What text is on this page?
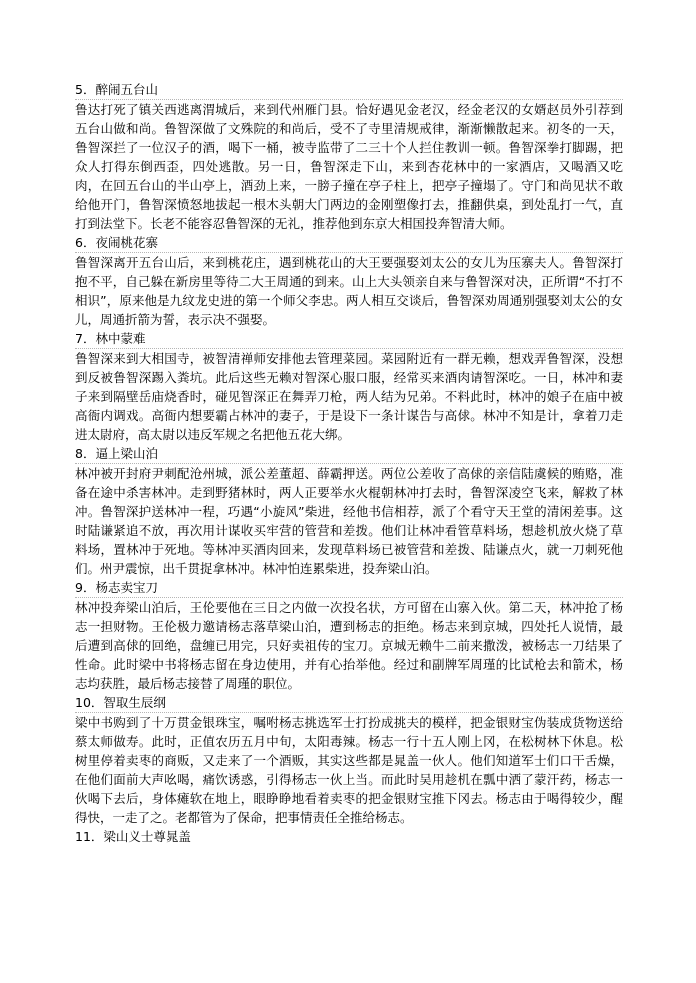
5．醉闹五台山

鲁达打死了镇关西逃离渭城后，来到代州雁门县。恰好遇见金老汉，经金老汉的女婿赵员外引荐到五台山做和尚。鲁智深做了文殊院的和尚后，受不了寺里清规戒律，渐渐懒散起来。初冬的一天，鲁智深拦了一位汉子的酒，喝下一桶，被寺监带了二三十个人拦住教训一顿。鲁智深拳打脚踢，把众人打得东倒西歪，四处逃散。另一日，鲁智深走下山，来到杏花林中的一家酒店，又喝酒又吃肉，在回五台山的半山亭上，酒劲上来，一膀子撞在亭子柱上，把亭子撞塌了。守门和尚见状不敢给他开门，鲁智深愤怒地拔起一根木头朝大门两边的金刚塑像打去，推翻供桌，到处乱打一气，直打到法堂下。长老不能容忍鲁智深的无礼，推荐他到东京大相国投奔智清大师。

6．夜闹桃花寨

鲁智深离开五台山后，来到桃花庄，遇到桃花山的大王要强娶刘太公的女儿为压寨夫人。鲁智深打抱不平，自己躲在新房里等待二大王周通的到来。山上大头领亲自来与鲁智深对决，正所谓“不打不相识”，原来他是九纹龙史进的第一个师父李忠。两人相互交谈后，鲁智深劝周通别强娶刘太公的女儿，周通折箭为誓，表示决不强娶。

7．林中蒙难

鲁智深来到大相国寺，被智清禅师安排他去管理菜园。菜园附近有一群无赖，想戏弄鲁智深，没想到反被鲁智深踢入粪坑。此后这些无赖对智深心服口服，经常买来酒肉请智深吃。一日，林冲和妻子来到隔壁岳庙烧香时，碰见智深正在舞弄刀枪，两人结为兄弟。不料此时，林冲的娘子在庙中被高衙内调戏。高衙内想要霸占林冲的妻子，于是设下一条计谋告与高俅。林冲不知是计，拿着刀走进太尉府，高太尉以违反军规之名把他五花大绑。

8．逼上梁山泊

林冲被开封府尹刺配沧州城，派公差董超、薛霸押送。两位公差收了高俅的亲信陆虞候的贿赂，准备在途中杀害林冲。走到野猪林时，两人正要举水火棍朝林冲打去时，鲁智深凌空飞来，解救了林冲。鲁智深护送林冲一程，巧遇“小旋风”柴进，经他书信相荐，派了个看守天王堂的清闲差事。这时陆谦紧追不放，再次用计谋收买牢营的管营和差拨。他们让林冲看管草料场，想趁机放火烧了草料场，置林冲于死地。等林冲买酒肉回来，发现草料场已被管营和差拨、陆谦点火，就一刀刺死他们。州尹震惊，出千贯捉拿林冲。林冲怕连累柴进，投奔梁山泊。

9．杨志卖宝刀

林冲投奔梁山泊后，王伦要他在三日之内做一次投名状，方可留在山寨入伙。第二天，林冲抢了杨志一担财物。王伦极力邀请杨志落草梁山泊，遭到杨志的拒绝。杨志来到京城，四处托人说情，最后遭到高俅的回绝，盘缠已用完，只好卖祖传的宝刀。京城无赖牛二前来撒泼，被杨志一刀结果了性命。此时梁中书将杨志留在身边使用，并有心抬举他。经过和副牌军周瑾的比试枪去和箭术，杨志均获胜，最后杨志接替了周瑾的职位。

10．智取生辰纲

梁中书购到了十万贯金银珠宝，嘱咐杨志挑选军士打扮成挑夫的模样，把金银财宝伪装成货物送给蔡太师做寿。此时，正值农历五月中旬，太阳毒辣。杨志一行十五人刚上冈，在松树林下休息。松树里停着卖枣的商贩，又走来了一个酒贩，其实这些都是晁盖一伙人。他们知道军士们口干舌燥，在他们面前大声吆喝，痛饮诱惑，引得杨志一伙上当。而此时吴用趁机在瓢中洒了蒙汗药，杨志一伙喝下去后，身体瘫软在地上，眼睁睁地看着卖枣的把金银财宝推下冈去。杨志由于喝得较少，醒得快，一走了之。老都管为了保命，把事情责任全推给杨志。

11．梁山义士尊晁盖
